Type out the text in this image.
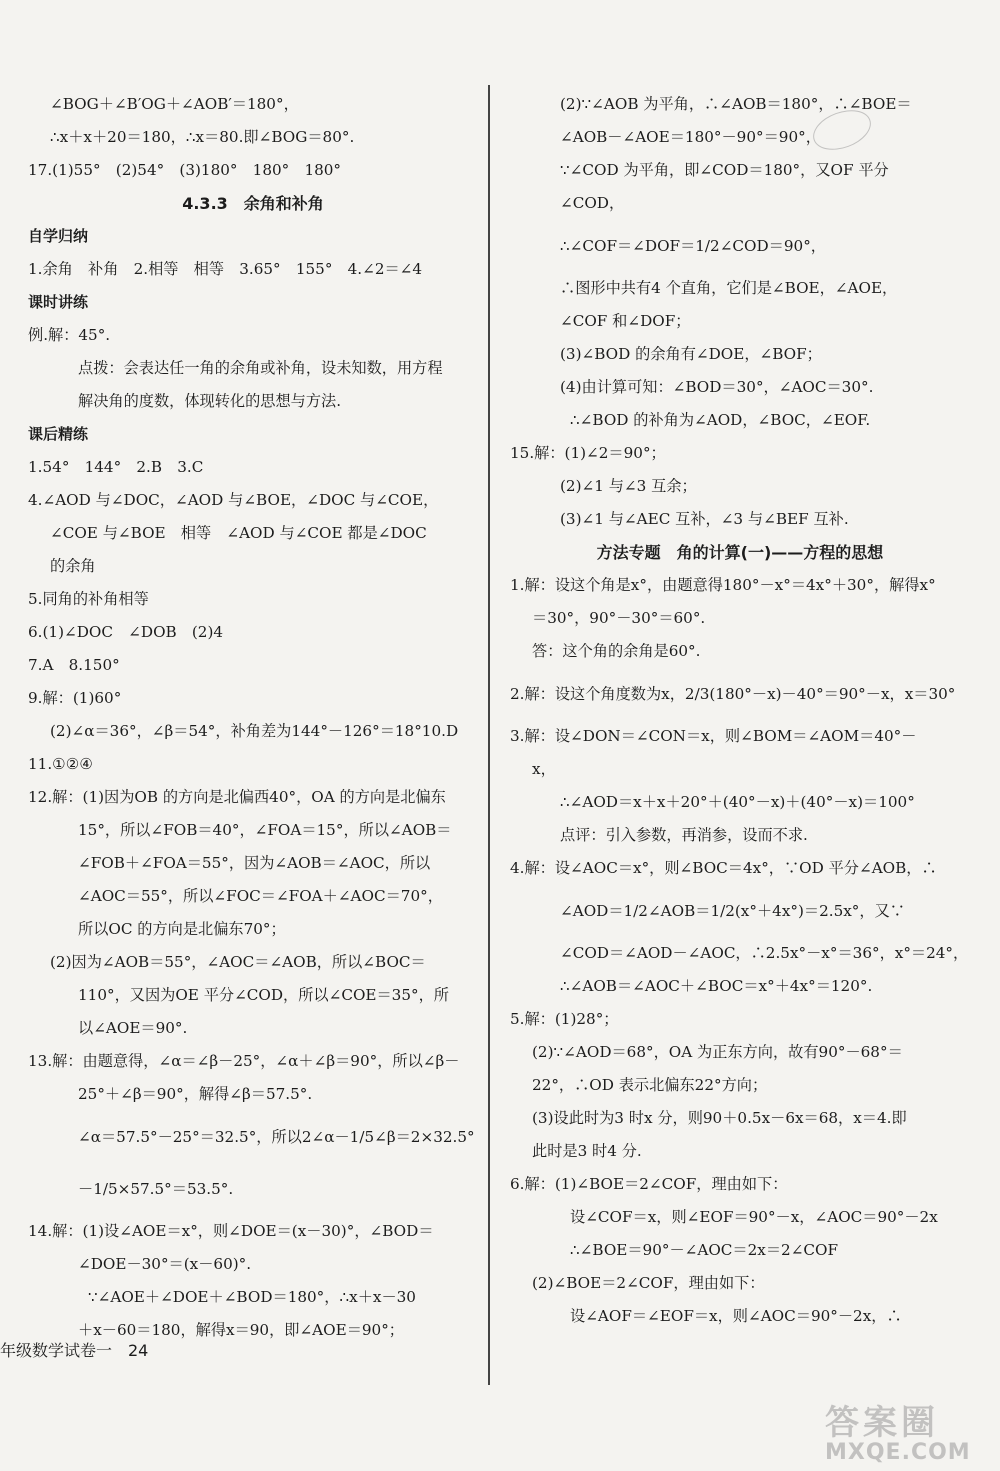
∠BOG＋∠B′OG＋∠AOB′＝180°，
∴x＋x＋20＝180，∴x＝80.即∠BOG＝80°.
17.(1)55°　(2)54°　(3)180°　180°　180°
4.3.3　余角和补角
自学归纳
1.余角　补角　2.相等　相等　3.65°　155°　4.∠2＝∠4
课时讲练
例.解：45°.
点拨：会表达任一角的余角或补角，设未知数，用方程
解决角的度数，体现转化的思想与方法.
课后精练
1.54°　144°　2.B　3.C
4.∠AOD 与∠DOC，∠AOD 与∠BOE，∠DOC 与∠COE，
∠COE 与∠BOE　相等　∠AOD 与∠COE 都是∠DOC
的余角
5.同角的补角相等
6.(1)∠DOC　∠DOB　(2)4
7.A　8.150°
9.解：(1)60°
(2)∠α＝36°，∠β＝54°，补角差为144°－126°＝18°10.D
11.①②④
12.解：(1)因为OB 的方向是北偏西40°，OA 的方向是北偏东
15°，所以∠FOB＝40°，∠FOA＝15°，所以∠AOB＝
∠FOB＋∠FOA＝55°，因为∠AOB＝∠AOC，所以
∠AOC＝55°，所以∠FOC＝∠FOA＋∠AOC＝70°，
所以OC 的方向是北偏东70°；
(2)因为∠AOB＝55°，∠AOC＝∠AOB，所以∠BOC＝
110°，又因为OE 平分∠COD，所以∠COE＝35°，所
以∠AOE＝90°.
13.解：由题意得，∠α＝∠β－25°，∠α＋∠β＝90°，所以∠β－
25°＋∠β＝90°，解得∠β＝57.5°.
∠α＝57.5°－25°＝32.5°，所以2∠α－1/5∠β＝2×32.5°
－1/5×57.5°＝53.5°.
14.解：(1)设∠AOE＝x°，则∠DOE＝(x－30)°，∠BOD＝
∠DOE－30°＝(x－60)°.
∵∠AOE＋∠DOE＋∠BOD＝180°，∴x＋x－30
＋x－60＝180，解得x＝90，即∠AOE＝90°；
(2)∵∠AOB 为平角，∴∠AOB＝180°，∴∠BOE＝
∠AOB－∠AOE＝180°－90°＝90°，
∵∠COD 为平角，即∠COD＝180°，又OF 平分
∠COD，
∴∠COF＝∠DOF＝1/2∠COD＝90°，
∴图形中共有4 个直角，它们是∠BOE，∠AOE，
∠COF 和∠DOF；
(3)∠BOD 的余角有∠DOE，∠BOF；
(4)由计算可知：∠BOD＝30°，∠AOC＝30°.
∴∠BOD 的补角为∠AOD，∠BOC，∠EOF.
15.解：(1)∠2＝90°；
(2)∠1 与∠3 互余；
(3)∠1 与∠AEC 互补，∠3 与∠BEF 互补.
方法专题　角的计算(一)——方程的思想
1.解：设这个角是x°，由题意得180°－x°＝4x°＋30°，解得x°
＝30°，90°－30°＝60°.
答：这个角的余角是60°.
2.解：设这个角度数为x，2/3(180°－x)－40°＝90°－x，x＝30°
3.解：设∠DON＝∠CON＝x，则∠BOM＝∠AOM＝40°－
x，
∴∠AOD＝x＋x＋20°＋(40°－x)＋(40°－x)＝100°
点评：引入参数，再消参，设而不求.
4.解：设∠AOC＝x°，则∠BOC＝4x°，∵OD 平分∠AOB，∴
∠AOD＝1/2∠AOB＝1/2(x°＋4x°)＝2.5x°，又∵
∠COD＝∠AOD－∠AOC，∴2.5x°－x°＝36°，x°＝24°，
∴∠AOB＝∠AOC＋∠BOC＝x°＋4x°＝120°.
5.解：(1)28°；
(2)∵∠AOD＝68°，OA 为正东方向，故有90°－68°＝
22°，∴OD 表示北偏东22°方向；
(3)设此时为3 时x 分，则90＋0.5x－6x＝68，x＝4.即
此时是3 时4 分.
6.解：(1)∠BOE＝2∠COF，理由如下：
设∠COF＝x，则∠EOF＝90°－x，∠AOC＝90°－2x
∴∠BOE＝90°－∠AOC＝2x＝2∠COF
(2)∠BOE＝2∠COF，理由如下：
设∠AOF＝∠EOF＝x，则∠AOC＝90°－2x，∴
年级数学试卷一　24
答案圈
MXQE.COM
